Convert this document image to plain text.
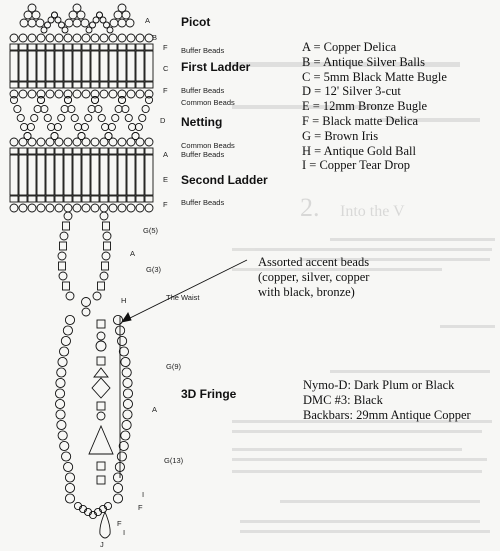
2. Into the V
Picot
First Ladder
Netting
Second Ladder
3D Fringe
Buffer Beads
Buffer Beads
Common Beads
Common Beads
Buffer Beads
Buffer Beads
The Waist
A
B
F
C
F
D
A
E
F
G(5)
A
G(3)
H
G(9)
A
G(13)
I
F
F
I
J
A = Copper Delica
B = Antique Silver Balls
C = 5mm Black Matte Bugle
D = 12' Silver 3-cut
E = 12mm Bronze Bugle
F = Black matte Delica
G = Brown Iris
H = Antique Gold Ball
I = Copper Tear Drop
Assorted accent beads
(copper, silver, copper
with black, bronze)
Nymo-D: Dark Plum or Black
DMC #3: Black
Backbars: 29mm Antique Copper
